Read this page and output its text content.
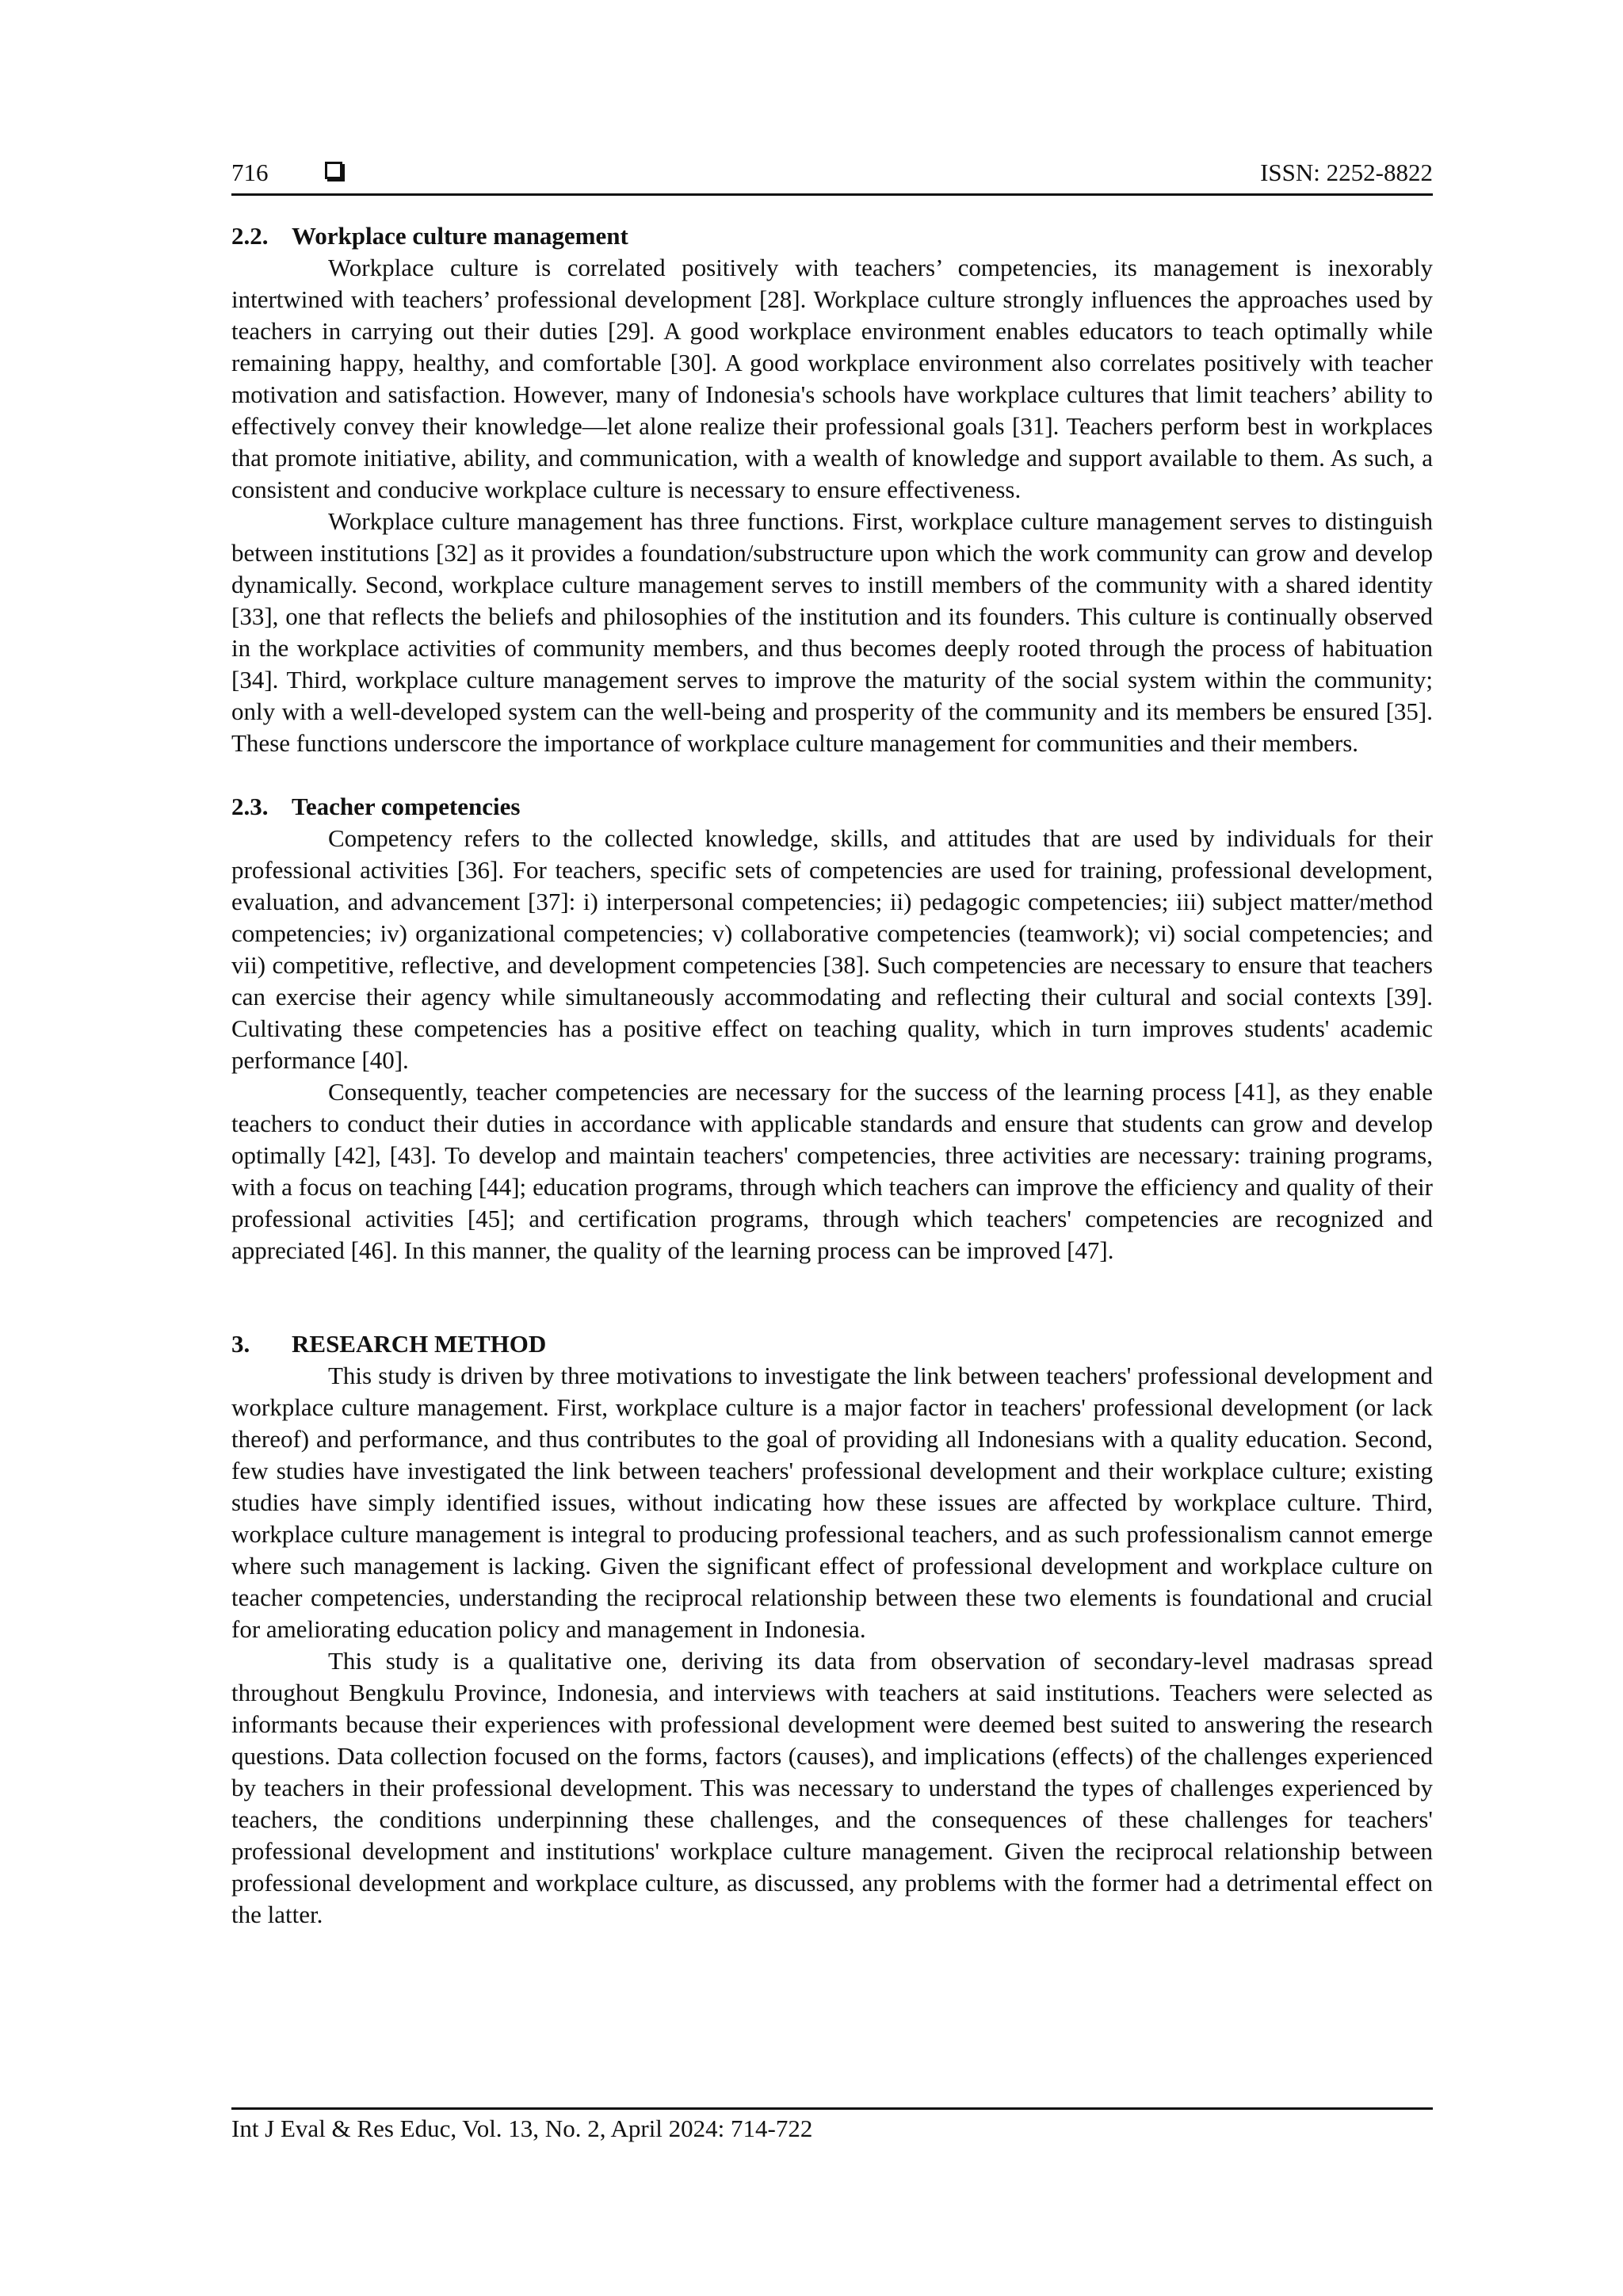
716	ISSN: 2252-8822
2.2. Workplace culture management

Workplace culture is correlated positively with teachers’ competencies, its management is inexorably intertwined with teachers’ professional development [28]. Workplace culture strongly influences the approaches used by teachers in carrying out their duties [29]. A good workplace environment enables educators to teach optimally while remaining happy, healthy, and comfortable [30]. A good workplace environment also correlates positively with teacher motivation and satisfaction. However, many of Indonesia's schools have workplace cultures that limit teachers’ ability to effectively convey their knowledge—let alone realize their professional goals [31]. Teachers perform best in workplaces that promote initiative, ability, and communication, with a wealth of knowledge and support available to them. As such, a consistent and conducive workplace culture is necessary to ensure effectiveness.

Workplace culture management has three functions. First, workplace culture management serves to distinguish between institutions [32] as it provides a foundation/substructure upon which the work community can grow and develop dynamically. Second, workplace culture management serves to instill members of the community with a shared identity [33], one that reflects the beliefs and philosophies of the institution and its founders. This culture is continually observed in the workplace activities of community members, and thus becomes deeply rooted through the process of habituation [34]. Third, workplace culture management serves to improve the maturity of the social system within the community; only with a well-developed system can the well-being and prosperity of the community and its members be ensured [35]. These functions underscore the importance of workplace culture management for communities and their members.

2.3. Teacher competencies

Competency refers to the collected knowledge, skills, and attitudes that are used by individuals for their professional activities [36]. For teachers, specific sets of competencies are used for training, professional development, evaluation, and advancement [37]: i) interpersonal competencies; ii) pedagogic competencies; iii) subject matter/method competencies; iv) organizational competencies; v) collaborative competencies (teamwork); vi) social competencies; and vii) competitive, reflective, and development competencies [38]. Such competencies are necessary to ensure that teachers can exercise their agency while simultaneously accommodating and reflecting their cultural and social contexts [39]. Cultivating these competencies has a positive effect on teaching quality, which in turn improves students' academic performance [40].

Consequently, teacher competencies are necessary for the success of the learning process [41], as they enable teachers to conduct their duties in accordance with applicable standards and ensure that students can grow and develop optimally [42], [43]. To develop and maintain teachers' competencies, three activities are necessary: training programs, with a focus on teaching [44]; education programs, through which teachers can improve the efficiency and quality of their professional activities [45]; and certification programs, through which teachers' competencies are recognized and appreciated [46]. In this manner, the quality of the learning process can be improved [47].

3. RESEARCH METHOD

This study is driven by three motivations to investigate the link between teachers' professional development and workplace culture management. First, workplace culture is a major factor in teachers' professional development (or lack thereof) and performance, and thus contributes to the goal of providing all Indonesians with a quality education. Second, few studies have investigated the link between teachers' professional development and their workplace culture; existing studies have simply identified issues, without indicating how these issues are affected by workplace culture. Third, workplace culture management is integral to producing professional teachers, and as such professionalism cannot emerge where such management is lacking. Given the significant effect of professional development and workplace culture on teacher competencies, understanding the reciprocal relationship between these two elements is foundational and crucial for ameliorating education policy and management in Indonesia.

This study is a qualitative one, deriving its data from observation of secondary-level madrasas spread throughout Bengkulu Province, Indonesia, and interviews with teachers at said institutions. Teachers were selected as informants because their experiences with professional development were deemed best suited to answering the research questions. Data collection focused on the forms, factors (causes), and implications (effects) of the challenges experienced by teachers in their professional development. This was necessary to understand the types of challenges experienced by teachers, the conditions underpinning these challenges, and the consequences of these challenges for teachers' professional development and institutions' workplace culture management. Given the reciprocal relationship between professional development and workplace culture, as discussed, any problems with the former had a detrimental effect on the latter.

Int J Eval & Res Educ, Vol. 13, No. 2, April 2024: 714-722
